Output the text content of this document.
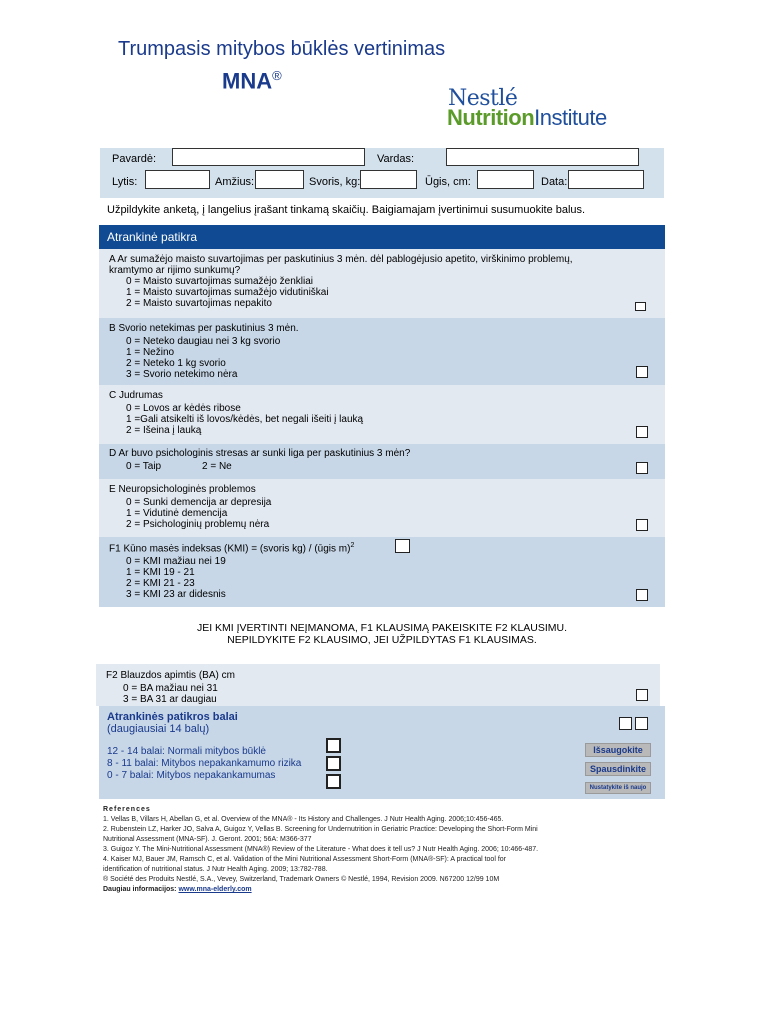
Trumpasis mitybos būklės vertinimas
MNA®
Nestlé
NutritionInstitute
Pavardė:	Vardas:
Lytis:	Amžius:	Svoris, kg:	Ūgis, cm:	Data:
Užpildykite anketą, į langelius įrašant tinkamą skaičių. Baigiamajam įvertinimui susumuokite balus.
Atrankinė patikra
A Ar sumažėjo maisto suvartojimas per paskutinius 3 mėn. dėl pablogėjusio apetito, virškinimo problemų,
kramtymo ar rijimo sunkumų?
0 = Maisto suvartojimas sumažėjo ženkliai
1 = Maisto suvartojimas sumažėjo vidutiniškai
2 = Maisto suvartojimas nepakito
B Svorio netekimas per paskutinius 3 mėn.
0 = Neteko daugiau nei 3 kg svorio
1 = Nežino
2 = Neteko 1 kg svorio
3 = Svorio netekimo nėra
C Judrumas
0 = Lovos ar kėdės ribose
1 =Gali atsikelti iš lovos/kėdės, bet negali išeiti į lauką
2 = Išeina į lauką
D Ar buvo psichologinis stresas ar sunki liga per paskutinius 3 mėn?
0 = Taip	2 = Ne
E Neuropsichologinės problemos
0 = Sunki demencija ar depresija
1 = Vidutinė demencija
2 = Psichologinių problemų nėra
F1 Kūno masės indeksas (KMI) = (svoris kg) / (ūgis m)$^2$
0 = KMI mažiau nei 19
1 = KMI 19 - 21
2 = KMI 21 - 23
3 = KMI 23 ar didesnis
JEI KMI ĮVERTINTI NEĮMANOMA, F1 KLAUSIMĄ PAKEISKITE F2 KLAUSIMU.
NEPILDYKITE F2 KLAUSIMO, JEI UŽPILDYTAS F1 KLAUSIMAS.
F2 Blauzdos apimtis (BA) cm
0 = BA mažiau nei 31
3 = BA 31 ar daugiau
Atrankinės patikros balai
(daugiausiai 14 balų)
12 - 14 balai: Normali mitybos būklė
8 - 11 balai: Mitybos nepakankamumo rizika
0 - 7 balai: Mitybos nepakankamumas
Išsaugokite
Spausdinkite
Nustatykite iš naujo
References
1. Vellas B, Villars H, Abellan G, et al. Overview of the MNA® - Its History and Challenges. J Nutr Health Aging. 2006;10:456-465.
2. Rubenstein LZ, Harker JO, Salva A, Guigoz Y, Vellas B. Screening for Undernutrition in Geriatric Practice: Developing the Short-Form Mini
Nutritional Assessment (MNA-SF). J. Geront. 2001; 56A: M366-377
3. Guigoz Y. The Mini-Nutritional Assessment (MNA®) Review of the Literature - What does it tell us? J Nutr Health Aging. 2006; 10:466-487.
4. Kaiser MJ, Bauer JM, Ramsch C, et al. Validation of the Mini Nutritional Assessment Short-Form (MNA®-SF): A practical tool for
identification of nutritional status. J Nutr Health Aging. 2009; 13:782-788.
® Société des Produits Nestlé, S.A., Vevey, Switzerland, Trademark Owners © Nestlé, 1994, Revision 2009. N67200 12/99 10M
Daugiau informacijos: www.mna-elderly.com
